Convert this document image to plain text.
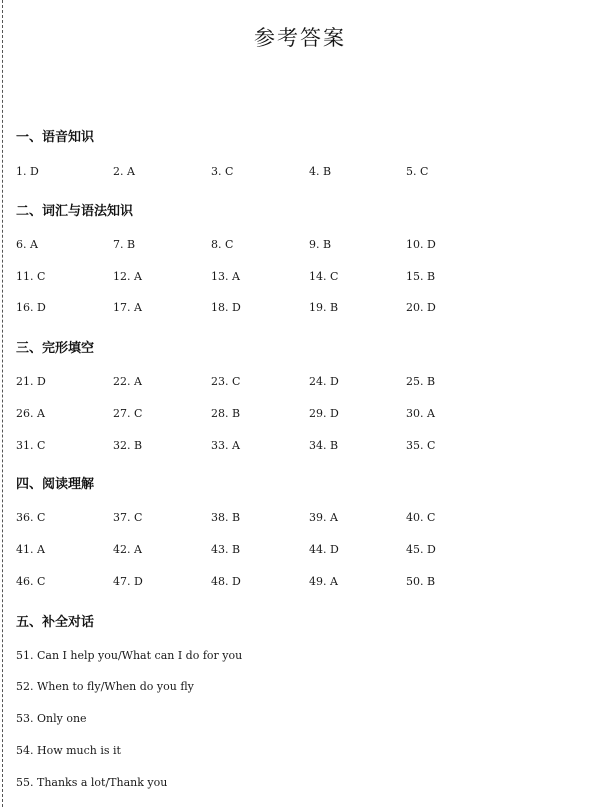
参考答案
一、语音知识
1. D	2. A	3. C	4. B	5. C
二、词汇与语法知识
6. A	7. B	8. C	9. B	10. D
11. C	12. A	13. A	14. C	15. B
16. D	17. A	18. D	19. B	20. D
三、完形填空
21. D	22. A	23. C	24. D	25. B
26. A	27. C	28. B	29. D	30. A
31. C	32. B	33. A	34. B	35. C
四、阅读理解
36. C	37. C	38. B	39. A	40. C
41. A	42. A	43. B	44. D	45. D
46. C	47. D	48. D	49. A	50. B
五、补全对话
51. Can I help you/What can I do for you
52. When to fly/When do you fly
53. Only one
54. How much is it
55. Thanks a lot/Thank you
